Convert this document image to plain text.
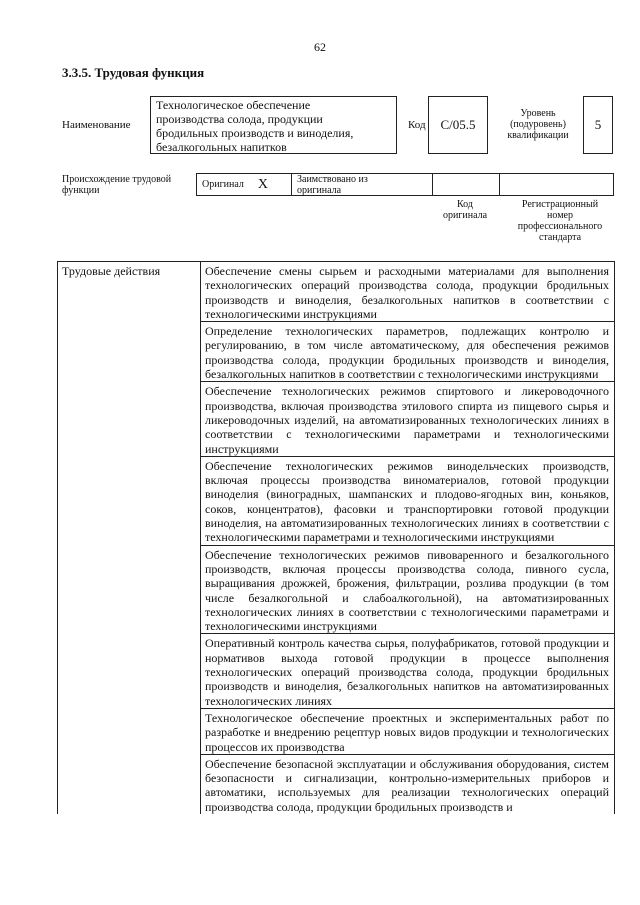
62
3.3.5. Трудовая функция
Наименование
Технологическое обеспечение
производства солода, продукции
бродильных производств и виноделия,
безалкогольных напитков
Код	С/05.5
Уровень
(подуровень)
квалификации
5
Происхождение трудовой
функции
Оригинал X	Заимствовано из
оригинала
Код
оригинала
Регистрационный
номер
профессионального
стандарта
Трудовые действия	Обеспечение смены сырьем и расходными материалами для выполнения технологических операций производства солода, продукции бродильных производств и виноделия, безалкогольных напитков в соответствии с технологическими инструкциями
Определение технологических параметров, подлежащих контролю и регулированию, в том числе автоматическому, для обеспечения режимов производства солода, продукции бродильных производств и виноделия, безалкогольных напитков в соответствии с технологическими инструкциями
Обеспечение технологических режимов спиртового и ликероводочного производства, включая производства этилового спирта из пищевого сырья и ликероводочных изделий, на автоматизированных технологических линиях в соответствии с технологическими параметрами и технологическими инструкциями
Обеспечение технологических режимов винодельческих производств, включая процессы производства виноматериалов, готовой продукции виноделия (виноградных, шампанских и плодово-ягодных вин, коньяков, соков, концентратов), фасовки и транспортировки готовой продукции виноделия, на автоматизированных технологических линиях в соответствии с технологическими параметрами и технологическими инструкциями
Обеспечение технологических режимов пивоваренного и безалкогольного производств, включая процессы производства солода, пивного сусла, выращивания дрожжей, брожения, фильтрации, розлива продукции (в том числе безалкогольной и слабоалкогольной), на автоматизированных технологических линиях в соответствии с технологическими параметрами и технологическими инструкциями
Оперативный контроль качества сырья, полуфабрикатов, готовой продукции и нормативов выхода готовой продукции в процессе выполнения технологических операций производства солода, продукции бродильных производств и виноделия, безалкогольных напитков на автоматизированных технологических линиях
Технологическое обеспечение проектных и экспериментальных работ по разработке и внедрению рецептур новых видов продукции и технологических процессов их производства
Обеспечение безопасной эксплуатации и обслуживания оборудования, систем безопасности и сигнализации, контрольно-измерительных приборов и автоматики, используемых для реализации технологических операций производства солода, продукции бродильных производств и
